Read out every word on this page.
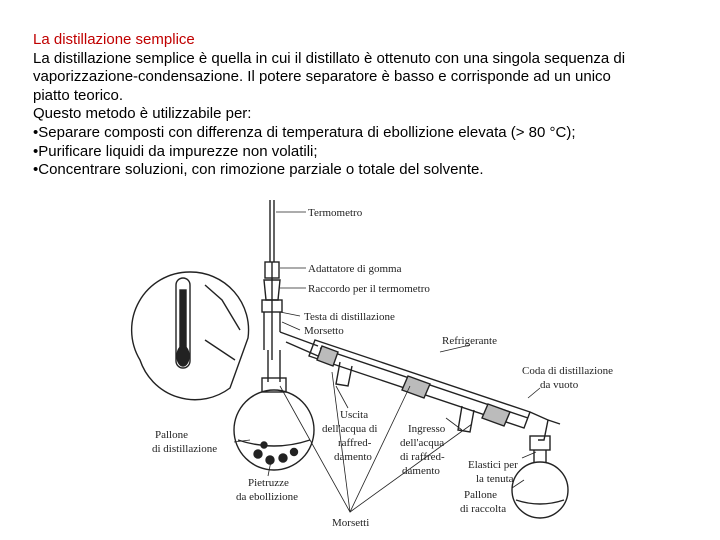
La distillazione semplice
La distillazione semplice è quella in cui il distillato è ottenuto con una singola sequenza di
vaporizzazione-condensazione. Il potere separatore è basso e corrisponde ad un unico
piatto teorico.
Questo metodo è utilizzabile per:
•Separare composti con differenza di temperatura di ebollizione elevata (> 80 °C);
•Purificare liquidi da impurezze non volatili;
•Concentrare soluzioni, con rimozione parziale o totale del solvente.
Termometro
Adattatore di gomma
Raccordo per il termometro
Testa di distillazione
Morsetto
Refrigerante
Coda di distillazione
da vuoto
Uscita
dell'acqua di
raffred-
damento
Ingresso
dell'acqua
di raffred-
damento
Pallone
di distillazione
Pietruzze
da ebollizione
Elastici per
la tenuta
Pallone
di raccolta
Morsetti
